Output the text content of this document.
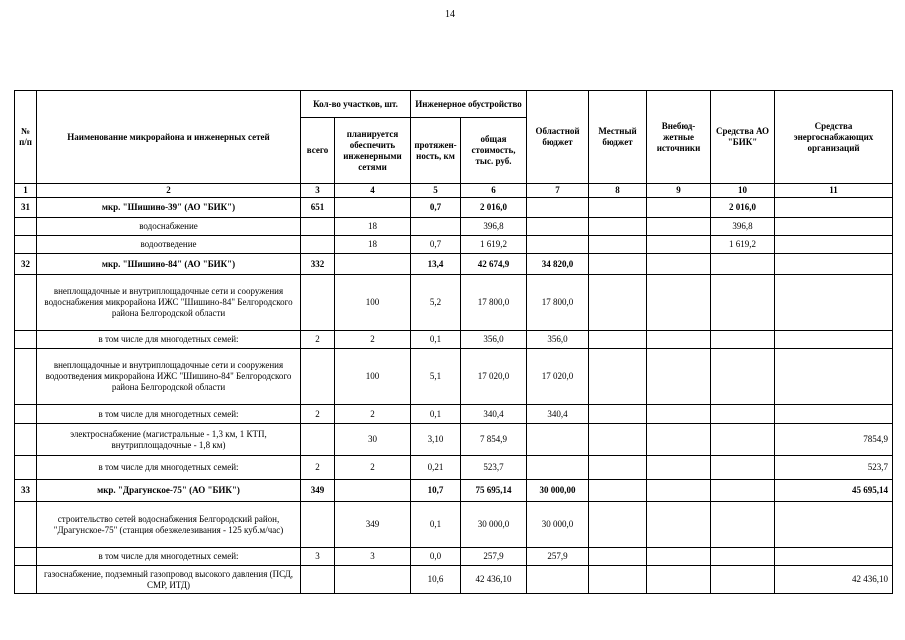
14
№ п/п	Наименование микрорайона и инженерных сетей	Кол-во участков, шт.		Инженерное обустройство		Областной бюджет	Местный бюджет	Внебюд-жетные источники	Средства АО "БИК"	Средства энергоснабжающих организаций
		всего	планируется обеспечить инженерными сетями	протяжен-ность, км	общая стоимость, тыс. руб.					
1	2	3	4	5	6	7	8	9	10	11
31	мкр. "Шишино-39" (АО "БИК")	651		0,7	2 016,0				2 016,0	
	водоснабжение		18		396,8				396,8	
	водоотведение		18	0,7	1 619,2				1 619,2	
32	мкр. "Шишино-84" (АО "БИК")	332		13,4	42 674,9	34 820,0				
	внеплощадочные и внутриплощадочные сети и сооружения водоснабжения микрорайона ИЖС "Шишино-84" Белгородского района Белгородской области		100	5,2	17 800,0	17 800,0				
	в том числе для многодетных семей:	2	2	0,1	356,0	356,0				
	внеплощадочные и внутриплощадочные сети и сооружения водоотведения микрорайона ИЖС "Шишино-84" Белгородского района Белгородской области		100	5,1	17 020,0	17 020,0				
	в том числе для многодетных семей:	2	2	0,1	340,4	340,4				
	электроснабжение (магистральные - 1,3 км, 1 КТП, внутриплощадочные - 1,8 км)		30	3,10	7 854,9					7854,9
	в том числе для многодетных семей:	2	2	0,21	523,7					523,7
33	мкр. "Драгунское-75" (АО "БИК")	349		10,7	75 695,14	30 000,00				45 695,14
	строительство сетей водоснабжения Белгородский район, "Драгунское-75" (станция обезжелезивания - 125 куб.м/час)		349	0,1	30 000,0	30 000,0				
	в том числе для многодетных семей:	3	3	0,0	257,9	257,9				
	газоснабжение, подземный газопровод высокого давления (ПСД, СМР, ИТД)			10,6	42 436,10					42 436,10
